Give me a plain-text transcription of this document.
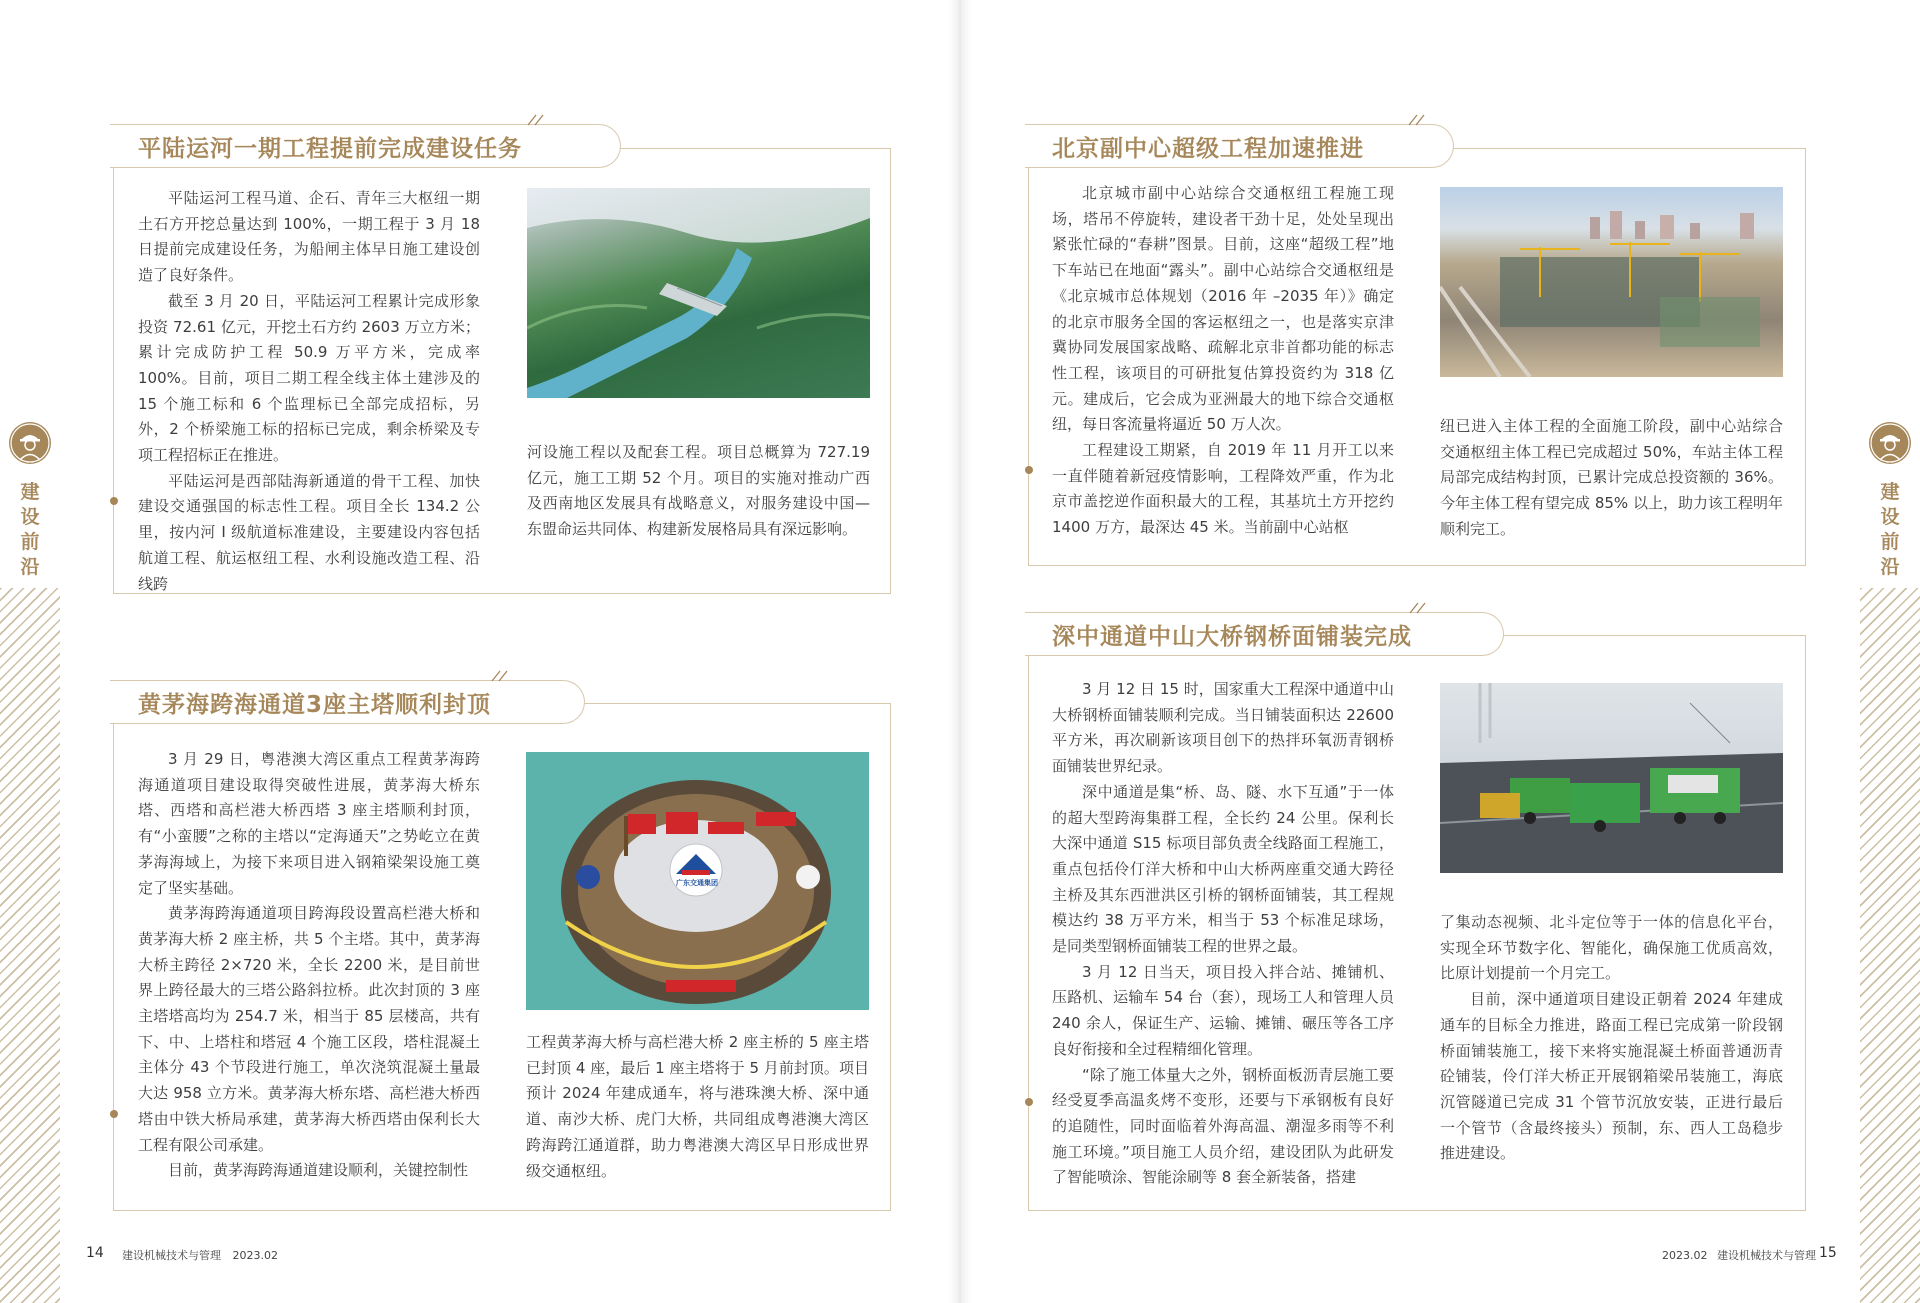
建
设
前
沿
建
设
前
沿
平陆运河一期工程提前完成建设任务

平陆运河工程马道、企石、青年三大枢纽一期土石方开挖总量达到 100%，一期工程于 3 月 18 日提前完成建设任务，为船闸主体早日施工建设创造了良好条件。

截至 3 月 20 日，平陆运河工程累计完成形象投资 72.61 亿元，开挖土石方约 2603 万立方米；累计完成防护工程 50.9 万平方米，完成率 100%。目前，项目二期工程全线主体土建涉及的 15 个施工标和 6 个监理标已全部完成招标，另外，2 个桥梁施工标的招标已完成，剩余桥梁及专项工程招标正在推进。

平陆运河是西部陆海新通道的骨干工程、加快建设交通强国的标志性工程。项目全长 134.2 公里，按内河 I 级航道标准建设，主要建设内容包括航道工程、航运枢纽工程、水利设施改造工程、沿线跨

河设施工程以及配套工程。项目总概算为 727.19 亿元，施工工期 52 个月。项目的实施对推动广西及西南地区发展具有战略意义，对服务建设中国—东盟命运共同体、构建新发展格局具有深远影响。

黄茅海跨海通道3座主塔顺利封顶

3 月 29 日，粤港澳大湾区重点工程黄茅海跨海通道项目建设取得突破性进展，黄茅海大桥东塔、西塔和高栏港大桥西塔 3 座主塔顺利封顶，有“小蛮腰”之称的主塔以“定海通天”之势屹立在黄茅海海域上，为接下来项目进入钢箱梁架设施工奠定了坚实基础。

黄茅海跨海通道项目跨海段设置高栏港大桥和黄茅海大桥 2 座主桥，共 5 个主塔。其中，黄茅海大桥主跨径 2×720 米，全长 2200 米，是目前世界上跨径最大的三塔公路斜拉桥。此次封顶的 3 座主塔塔高均为 254.7 米，相当于 85 层楼高，共有下、中、上塔柱和塔冠 4 个施工区段，塔柱混凝土主体分 43 个节段进行施工，单次浇筑混凝土量最大达 958 立方米。黄茅海大桥东塔、高栏港大桥西塔由中铁大桥局承建，黄茅海大桥西塔由保利长大工程有限公司承建。

目前，黄茅海跨海通道建设顺利，关键控制性

广东交通集团

工程黄茅海大桥与高栏港大桥 2 座主桥的 5 座主塔已封顶 4 座，最后 1 座主塔将于 5 月前封顶。项目预计 2024 年建成通车，将与港珠澳大桥、深中通道、南沙大桥、虎门大桥，共同组成粤港澳大湾区跨海跨江通道群，助力粤港澳大湾区早日形成世界级交通枢纽。

北京副中心超级工程加速推进

北京城市副中心站综合交通枢纽工程施工现场，塔吊不停旋转，建设者干劲十足，处处呈现出紧张忙碌的“春耕”图景。目前，这座“超级工程”地下车站已在地面“露头”。副中心站综合交通枢纽是《北京城市总体规划（2016 年 –2035 年）》确定的北京市服务全国的客运枢纽之一，也是落实京津冀协同发展国家战略、疏解北京非首都功能的标志性工程，该项目的可研批复估算投资约为 318 亿元。建成后，它会成为亚洲最大的地下综合交通枢纽，每日客流量将逼近 50 万人次。

工程建设工期紧，自 2019 年 11 月开工以来一直伴随着新冠疫情影响，工程降效严重，作为北京市盖挖逆作面积最大的工程，其基坑土方开挖约 1400 万方，最深达 45 米。当前副中心站枢

纽已进入主体工程的全面施工阶段，副中心站综合交通枢纽主体工程已完成超过 50%，车站主体工程局部完成结构封顶，已累计完成总投资额的 36%。今年主体工程有望完成 85% 以上，助力该工程明年顺利完工。

深中通道中山大桥钢桥面铺装完成

3 月 12 日 15 时，国家重大工程深中通道中山大桥钢桥面铺装顺利完成。当日铺装面积达 22600 平方米，再次刷新该项目创下的热拌环氧沥青钢桥面铺装世界纪录。

深中通道是集“桥、岛、隧、水下互通”于一体的超大型跨海集群工程，全长约 24 公里。保利长大深中通道 S15 标项目部负责全线路面工程施工，重点包括伶仃洋大桥和中山大桥两座重交通大跨径主桥及其东西泄洪区引桥的钢桥面铺装，其工程规模达约 38 万平方米，相当于 53 个标准足球场，是同类型钢桥面铺装工程的世界之最。

3 月 12 日当天，项目投入拌合站、摊铺机、压路机、运输车 54 台（套），现场工人和管理人员 240 余人，保证生产、运输、摊铺、碾压等各工序良好衔接和全过程精细化管理。

“除了施工体量大之外，钢桥面板沥青层施工要经受夏季高温炙烤不变形，还要与下承钢板有良好的追随性，同时面临着外海高温、潮湿多雨等不利施工环境。”项目施工人员介绍，建设团队为此研发了智能喷涂、智能涂刷等 8 套全新装备，搭建

了集动态视频、北斗定位等于一体的信息化平台，实现全环节数字化、智能化，确保施工优质高效，比原计划提前一个月完工。

目前，深中通道项目建设正朝着 2024 年建成通车的目标全力推进，路面工程已完成第一阶段钢桥面铺装施工，接下来将实施混凝土桥面普通沥青砼铺装，伶仃洋大桥正开展钢箱梁吊装施工，海底沉管隧道已完成 31 个管节沉放安装，正进行最后一个管节（含最终接头）预制，东、西人工岛稳步推进建设。

14 建设机械技术与管理 2023.02	2023.02 建设机械技术与管理 15
